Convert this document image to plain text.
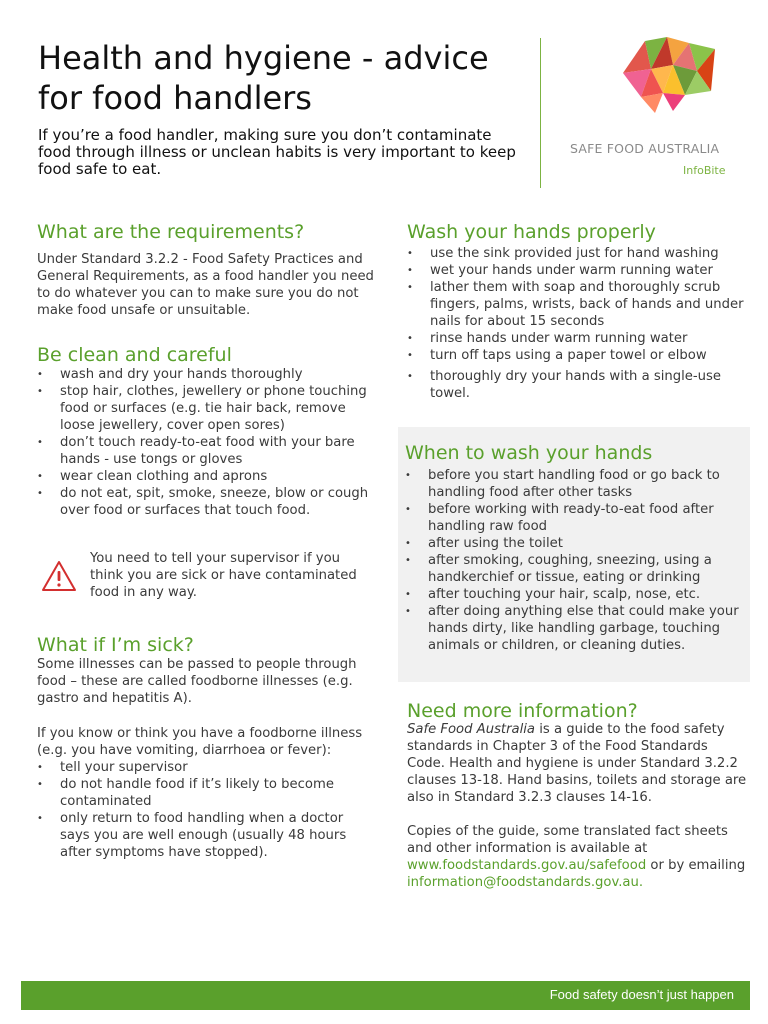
Health and hygiene - advice for food handlers

If you’re a food handler, making sure you don’t contaminate food through illness or unclean habits is very important to keep food safe to eat.

SAFE FOOD AUSTRALIA
InfoBite
What are the requirements?

Under Standard 3.2.2 - Food Safety Practices and General Requirements, as a food handler you need to do whatever you can to make sure you do not make food unsafe or unsuitable.

Be clean and careful
• wash and dry your hands thoroughly
• stop hair, clothes, jewellery or phone touching food or surfaces (e.g. tie hair back, remove loose jewellery, cover open sores)
• don’t touch ready-to-eat food with your bare hands - use tongs or gloves
• wear clean clothing and aprons
• do not eat, spit, smoke, sneeze, blow or cough over food or surfaces that touch food.

You need to tell your supervisor if you think you are sick or have contaminated food in any way.

What if I’m sick?

Some illnesses can be passed to people through food – these are called foodborne illnesses (e.g. gastro and hepatitis A).

If you know or think you have a foodborne illness (e.g. you have vomiting, diarrhoea or fever):

• tell your supervisor
• do not handle food if it’s likely to become contaminated
• only return to food handling when a doctor says you are well enough (usually 48 hours after symptoms have stopped).
Wash your hands properly
• use the sink provided just for hand washing
• wet your hands under warm running water
• lather them with soap and thoroughly scrub fingers, palms, wrists, back of hands and under nails for about 15 seconds
• rinse hands under warm running water
• turn off taps using a paper towel or elbow
• thoroughly dry your hands with a single-use towel.
When to wash your hands
• before you start handling food or go back to handling food after other tasks
• before working with ready-to-eat food after handling raw food
• after using the toilet
• after smoking, coughing, sneezing, using a handkerchief or tissue, eating or drinking
• after touching your hair, scalp, nose, etc.
• after doing anything else that could make your hands dirty, like handling garbage, touching animals or children, or cleaning duties.
Need more information?

Safe Food Australia is a guide to the food safety standards in Chapter 3 of the Food Standards Code. Health and hygiene is under Standard 3.2.2 clauses 13-18. Hand basins, toilets and storage are also in Standard 3.2.3 clauses 14-16.

Copies of the guide, some translated fact sheets and other information is available at www.foodstandards.gov.au/safefood or by emailing information@foodstandards.gov.au.

Food safety doesn’t just happen
